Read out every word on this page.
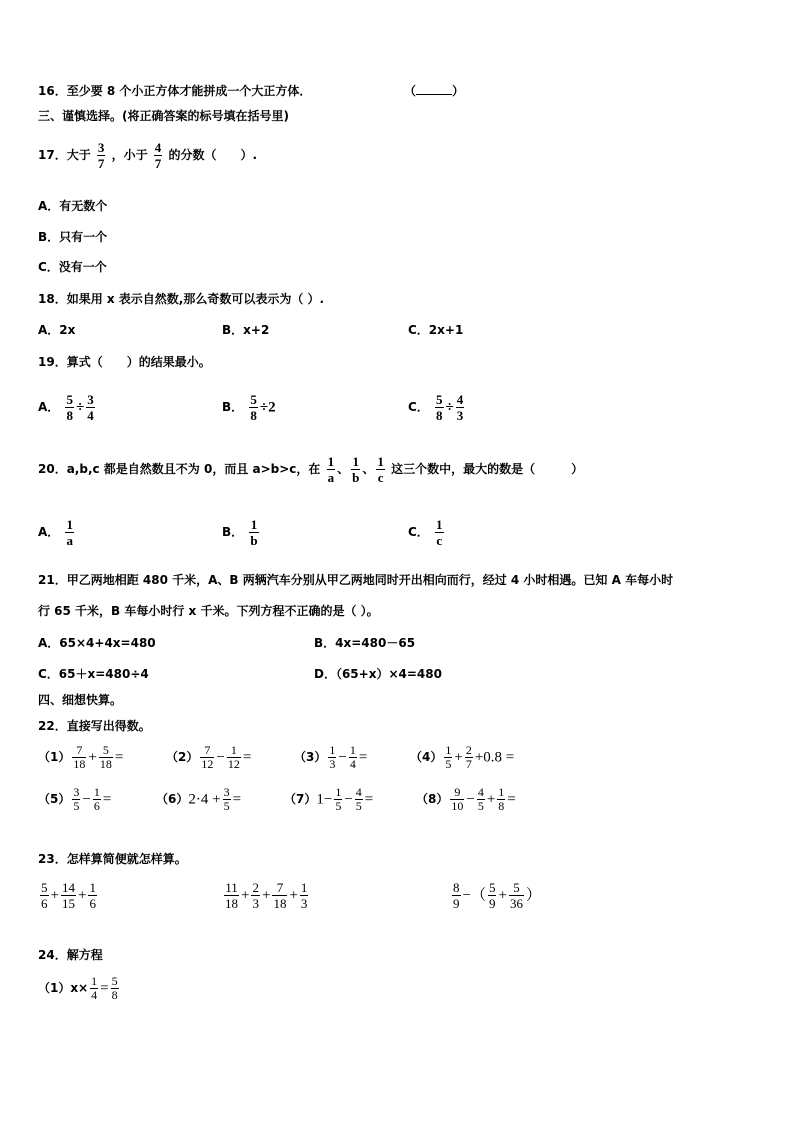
16．至少要 8 个小正方体才能拼成一个大正方体．	（	）
三、谨慎选择。(将正确答案的标号填在括号里)
17．大于 $\frac{3}{7}$ ，小于 $\frac{4}{7}$ 的分数（　　）.
A．有无数个
B．只有一个
C．没有一个
18．如果用 x 表示自然数,那么奇数可以表示为（ ）.
A．2x	B．x+2	C．2x+1
19．算式（　　）的结果最小。
A． $\frac{5}{8} \div \frac{3}{4}$	B． $\frac{5}{8} \div 2$	C． $\frac{5}{8} \div \frac{4}{3}$
20．a,b,c 都是自然数且不为 0，而且 a>b>c，在 $\frac{1}{a}$ 、 $\frac{1}{b}$ 、 $\frac{1}{c}$ 这三个数中，最大的数是（　　　）
A． $\frac{1}{a}$	B． $\frac{1}{b}$	C． $\frac{1}{c}$
21．甲乙两地相距 480 千米，A、B 两辆汽车分别从甲乙两地同时开出相向而行，经过 4 小时相遇。已知 A 车每小时
行 65 千米，B 车每小时行 x 千米。下列方程不正确的是（ ）。
A．65×4+4x=480	B．4x=480－65
C．65＋x=480÷4	D．（65+x）×4=480
四、细想快算。
22．直接写出得数。
$(1) \frac{7}{18} + \frac{5}{18}$ =	$(2) \frac{7}{12} - \frac{1}{12}$ =	$(3) \frac{1}{3} - \frac{1}{4}$ =	$(4) \frac{1}{5} + \frac{2}{7} +0.8$ =
$(5) \frac{3}{5} - \frac{1}{6}$ =	$(6)2\cdot 4 + \frac{3}{5}$ =	$(7)1- \frac{1}{5} - \frac{4}{5}$ =	$(8) \frac{9}{10} - \frac{4}{5} + \frac{1}{8}$ =
23．怎样算简便就怎样算。
$\frac{5}{6} + \frac{14}{15} + \frac{1}{6}$	$\frac{11}{18} + \frac{2}{3} + \frac{7}{18} + \frac{1}{3}$	$\frac{8}{9}$ −（ $\frac{5}{9} + \frac{5}{36}$ ）
24．解方程
$(1)x\times \frac{1}{4} = \frac{5}{8}$
